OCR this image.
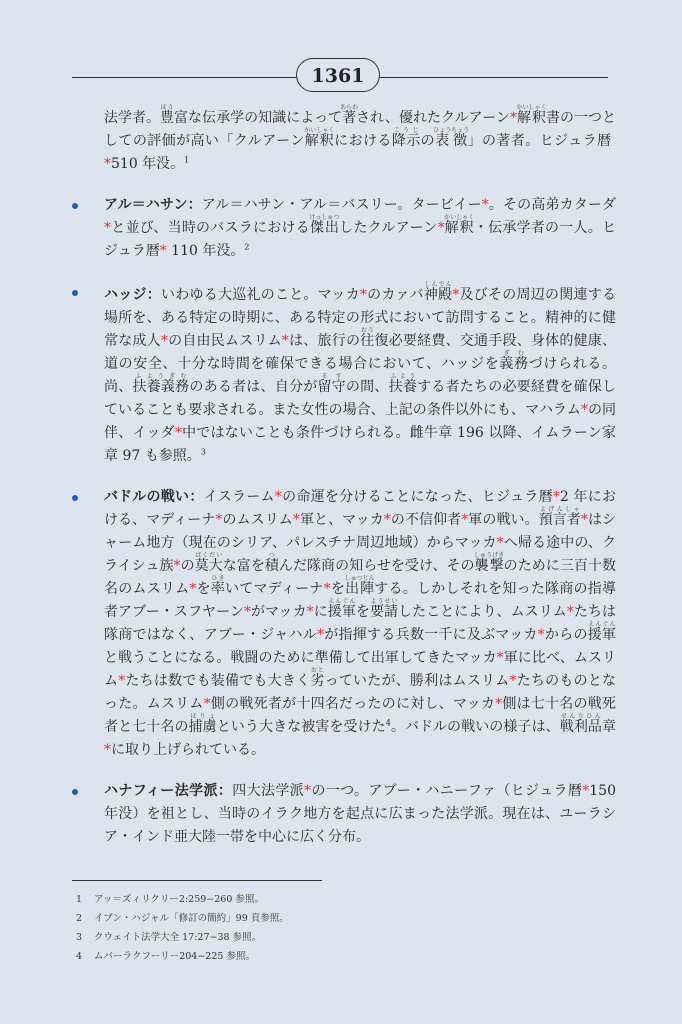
1361

法学者。豊ほう富な伝承学の知識によって著あらわされ、優れたクルアーン*解釈かいしゃく書の一つとしての評価が高い「クルアーン解釈かいしゃくにおける降示こうじの表徴ひょうちょう」の著者。ヒジュラ暦*510 年没。$^1$

アル＝ハサン：アル＝ハサン・アル＝バスリー。タービイー*。その高弟カターダ*と並び、当時のバスラにおける傑出けっしゅつしたクルアーン*解釈かいしゃく・伝承学者の一人。ヒジュラ暦* 110 年没。$^2$
ハッジ：いわゆる大巡礼のこと。マッカ*のカァバ神殿しんでん*及びその周辺の関連する場所を、ある特定の時期に、ある特定の形式において訪問すること。精神的に健常な成人*の自由民ムスリム*は、旅行の往おう復必要経費、交通手段、身体的健康、道の安全、十分な時間を確保できる場合において、ハッジを義務ぎむづけられる。尚、扶養義務ふようぎむのある者は、自分が留守るすの間、扶養ふようする者たちの必要経費を確保していることも要求される。また女性の場合、上記の条件以外にも、マハラム*の同伴、イッダ*中ではないことも条件づけられる。雌牛章 196 以降、イムラーン家章 97 も参照。$^3$
バドルの戦い：イスラーム*の命運を分けることになった、ヒジュラ暦*2 年における、マディーナ*のムスリム*軍と、マッカ*の不信仰者*軍の戦い。預言者よげんしゃ*はシャーム地方（現在のシリア、パレスチナ周辺地域）からマッカ*へ帰る途中の、クライシュ族*の莫大ばくだいな富を積つんだ隊商の知らせを受け、その襲撃しゅうげきのために三百十数名のムスリム*を率ひきいてマディーナ*を出陣しゅつじんする。しかしそれを知った隊商の指導者アブー・スフヤーン*がマッカ*に援軍えんぐんを要請ようせいしたことにより、ムスリム*たちは隊商ではなく、アブー・ジャハル*が指揮する兵数一千に及ぶマッカ*からの援軍えんぐんと戦うことになる。戦闘のために準備して出軍してきたマッカ*軍に比べ、ムスリム*たちは数でも装備でも大きく劣おとっていたが、勝利はムスリム*たちのものとなった。ムスリム*側の戦死者が十四名だったのに対し、マッカ*側は七十名の戦死者と七十名の捕虜ほりょという大きな被害を受けた$^4$。バドルの戦いの様子は、戦利品せんりひん章*に取り上げられている。
ハナフィー法学派：四大法学派*の一つ。アブー・ハニーファ（ヒジュラ暦*150 年没）を祖とし、当時のイラク地方を起点に広まった法学派。現在は、ユーラシア・インド亜大陸一帯を中心に広く分布。
1	アッ＝ズィリクリー2:259−260 参照。
2	イブン・ハジャル「修訂の簡約」99 頁参照。
3	クウェイト法学大全 17:27−38 参照。
4	ムバーラクフーリー204−225 参照。
